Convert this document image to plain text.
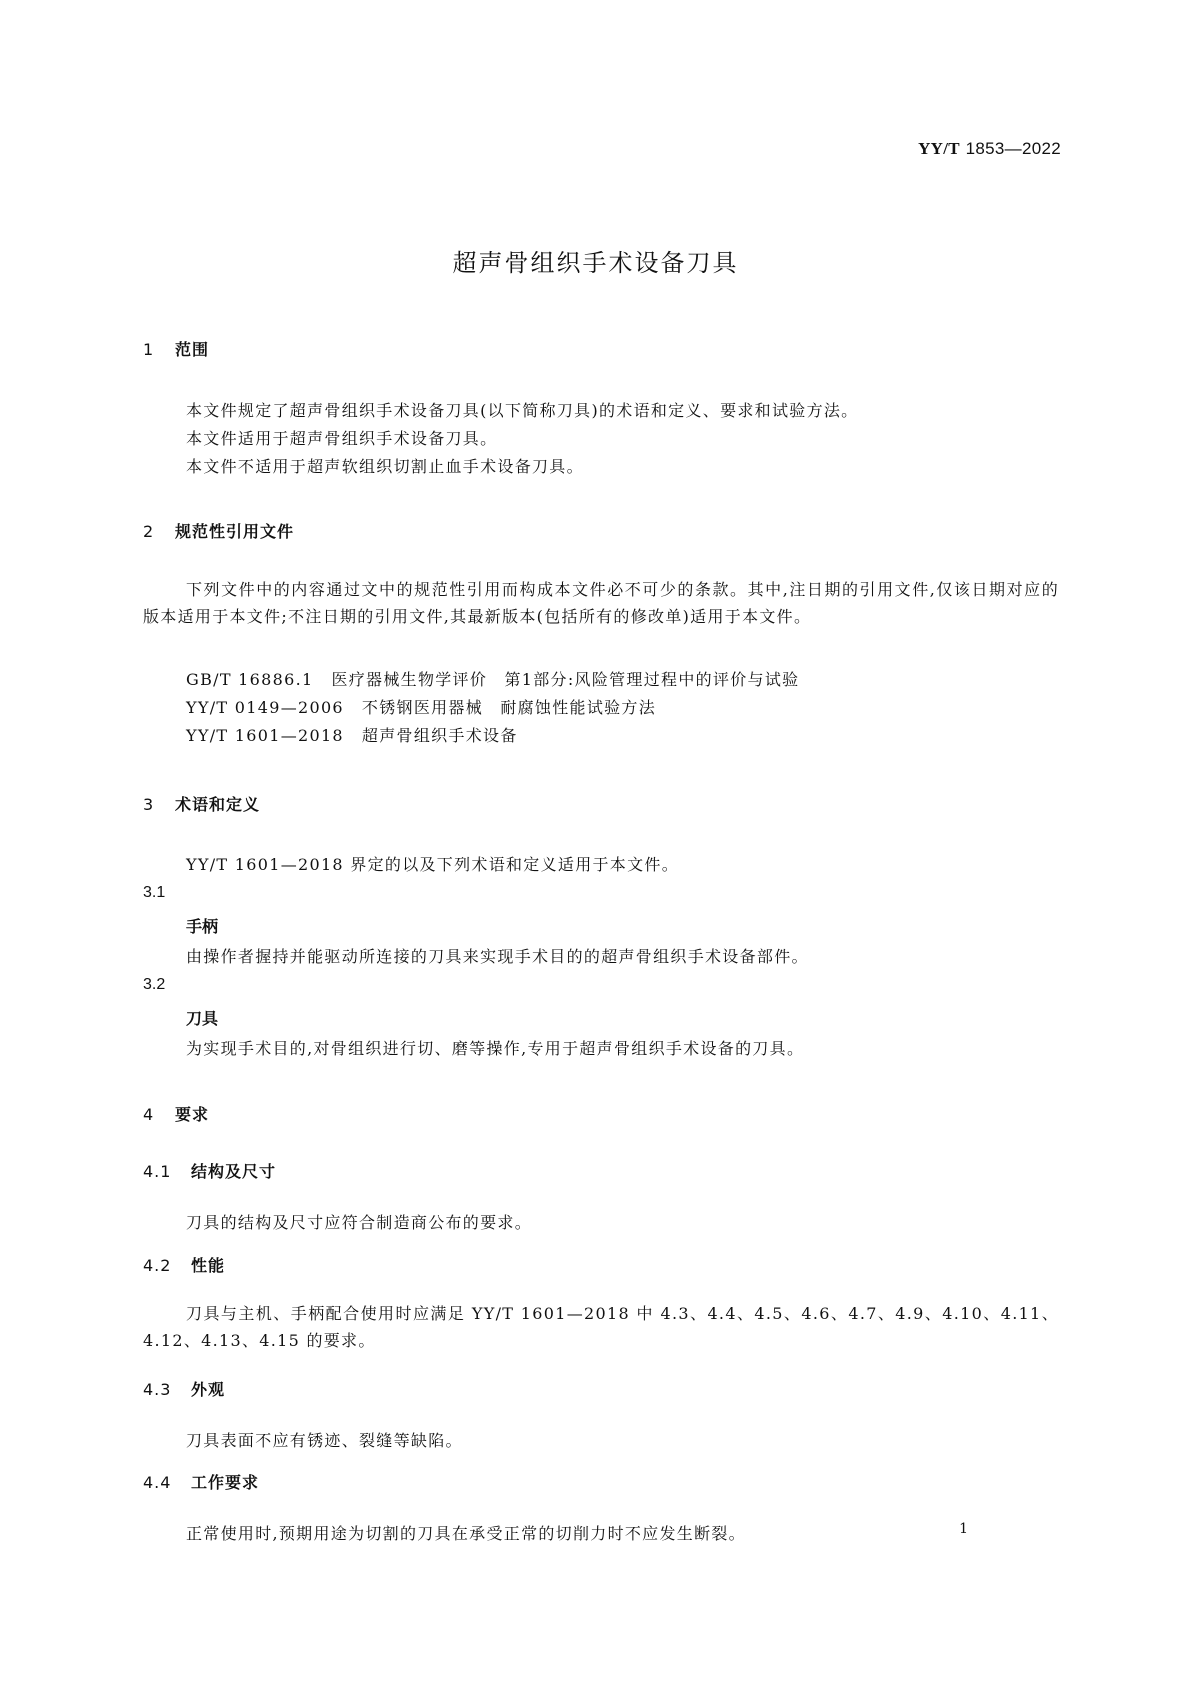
YY/T 1853—2022
超声骨组织手术设备刀具
1 范围
本文件规定了超声骨组织手术设备刀具(以下简称刀具)的术语和定义、要求和试验方法。
本文件适用于超声骨组织手术设备刀具。
本文件不适用于超声软组织切割止血手术设备刀具。
2 规范性引用文件
下列文件中的内容通过文中的规范性引用而构成本文件必不可少的条款。其中,注日期的引用文件,仅该日期对应的版本适用于本文件;不注日期的引用文件,其最新版本(包括所有的修改单)适用于本文件。
GB/T 16886.1 医疗器械生物学评价　第1部分:风险管理过程中的评价与试验
YY/T 0149—2006 不锈钢医用器械　耐腐蚀性能试验方法
YY/T 1601—2018 超声骨组织手术设备
3 术语和定义
YY/T 1601—2018 界定的以及下列术语和定义适用于本文件。
3.1
手柄
由操作者握持并能驱动所连接的刀具来实现手术目的的超声骨组织手术设备部件。
3.2
刀具
为实现手术目的,对骨组织进行切、磨等操作,专用于超声骨组织手术设备的刀具。
4 要求
4.1 结构及尺寸
刀具的结构及尺寸应符合制造商公布的要求。
4.2 性能
刀具与主机、手柄配合使用时应满足 YY/T 1601—2018 中 4.3、4.4、4.5、4.6、4.7、4.9、4.10、4.11、4.12、4.13、4.15 的要求。
4.3 外观
刀具表面不应有锈迹、裂缝等缺陷。
4.4 工作要求
正常使用时,预期用途为切割的刀具在承受正常的切削力时不应发生断裂。	1
